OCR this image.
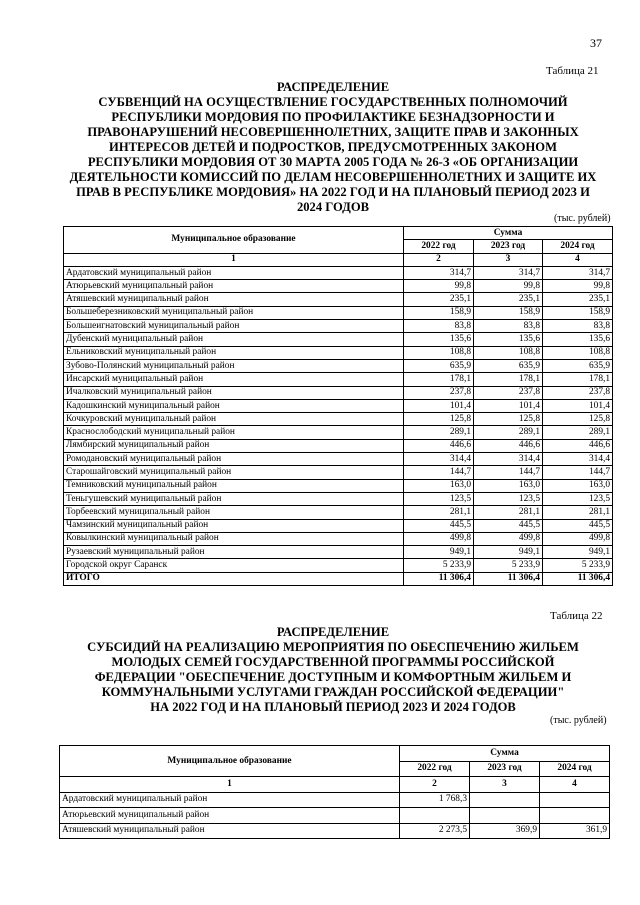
37
Таблица 21
РАСПРЕДЕЛЕНИЕ
СУБВЕНЦИЙ НА ОСУЩЕСТВЛЕНИЕ ГОСУДАРСТВЕННЫХ ПОЛНОМОЧИЙ
РЕСПУБЛИКИ МОРДОВИЯ ПО ПРОФИЛАКТИКЕ БЕЗНАДЗОРНОСТИ И
ПРАВОНАРУШЕНИЙ НЕСОВЕРШЕННОЛЕТНИХ, ЗАЩИТЕ ПРАВ И ЗАКОННЫХ
ИНТЕРЕСОВ ДЕТЕЙ И ПОДРОСТКОВ, ПРЕДУСМОТРЕННЫХ ЗАКОНОМ
РЕСПУБЛИКИ МОРДОВИЯ ОТ 30 МАРТА 2005 ГОДА № 26-З «ОБ ОРГАНИЗАЦИИ
ДЕЯТЕЛЬНОСТИ КОМИССИЙ ПО ДЕЛАМ НЕСОВЕРШЕННОЛЕТНИХ И ЗАЩИТЕ ИХ
ПРАВ В РЕСПУБЛИКЕ МОРДОВИЯ» НА 2022 ГОД И НА ПЛАНОВЫЙ ПЕРИОД 2023 И
2024 ГОДОВ
(тыс. рублей)
Муниципальное образование	Сумма		
	2022 год	2023 год	2024 год
1	2	3	4
Ардатовский муниципальный район	314,7	314,7	314,7
Атюрьевский муниципальный район	99,8	99,8	99,8
Атяшевский муниципальный район	235,1	235,1	235,1
Большеберезниковский муниципальный район	158,9	158,9	158,9
Большеигнатовский муниципальный район	83,8	83,8	83,8
Дубенский муниципальный район	135,6	135,6	135,6
Ельниковский муниципальный район	108,8	108,8	108,8
Зубово-Полянский муниципальный район	635,9	635,9	635,9
Инсарский муниципальный район	178,1	178,1	178,1
Ичалковский муниципальный район	237,8	237,8	237,8
Кадошкинский муниципальный район	101,4	101,4	101,4
Кочкуровский муниципальный район	125,8	125,8	125,8
Краснослободский муниципальный район	289,1	289,1	289,1
Лямбирский муниципальный район	446,6	446,6	446,6
Ромодановский муниципальный район	314,4	314,4	314,4
Старошайговский муниципальный район	144,7	144,7	144,7
Темниковский муниципальный район	163,0	163,0	163,0
Теньгушевский муниципальный район	123,5	123,5	123,5
Торбеевский муниципальный район	281,1	281,1	281,1
Чамзинский муниципальный район	445,5	445,5	445,5
Ковылкинский муниципальный район	499,8	499,8	499,8
Рузаевский муниципальный район	949,1	949,1	949,1
Городской округ Саранск	5 233,9	5 233,9	5 233,9
ИТОГО	11 306,4	11 306,4	11 306,4
Таблица 22
РАСПРЕДЕЛЕНИЕ
СУБСИДИЙ НА РЕАЛИЗАЦИЮ МЕРОПРИЯТИЯ ПО ОБЕСПЕЧЕНИЮ ЖИЛЬЕМ
МОЛОДЫХ СЕМЕЙ ГОСУДАРСТВЕННОЙ ПРОГРАММЫ РОССИЙСКОЙ
ФЕДЕРАЦИИ "ОБЕСПЕЧЕНИЕ ДОСТУПНЫМ И КОМФОРТНЫМ ЖИЛЬЕМ И
КОММУНАЛЬНЫМИ УСЛУГАМИ ГРАЖДАН РОССИЙСКОЙ ФЕДЕРАЦИИ"
НА 2022 ГОД И НА ПЛАНОВЫЙ ПЕРИОД 2023 И 2024 ГОДОВ
(тыс. рублей)
Муниципальное образование	Сумма		
	2022 год	2023 год	2024 год
1	2	3	4
Ардатовский муниципальный район	1 768,3		
Атюрьевский муниципальный район			
Атяшевский муниципальный район	2 273,5	369,9	361,9
